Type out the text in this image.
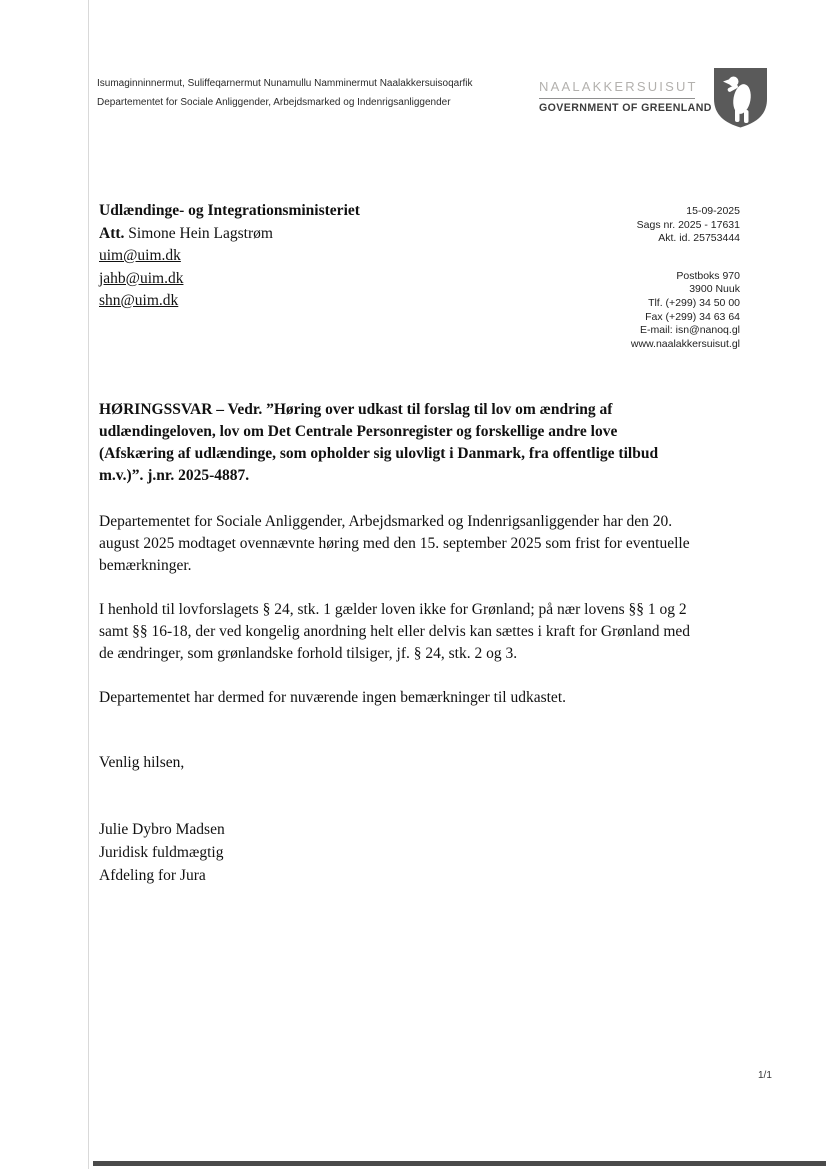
Isumaginninnermut, Suliffeqarnermut Nunamullu Namminermut Naalakkersuisoqarfik
Departementet for Sociale Anliggender, Arbejdsmarked og Indenrigsanliggender
NAALAKKERSUISUT
GOVERNMENT OF GREENLAND
Udlændinge- og Integrationsministeriet
Att. Simone Hein Lagstrøm
uim@uim.dk
jahb@uim.dk
shn@uim.dk
15-09-2025
Sags nr. 2025 - 17631
Akt. id. 25753444
Postboks 970
3900 Nuuk
Tlf. (+299) 34 50 00
Fax (+299) 34 63 64
E-mail: isn@nanoq.gl
www.naalakkersuisut.gl
HØRINGSSVAR – Vedr. ”Høring over udkast til forslag til lov om ændring af udlændingeloven, lov om Det Centrale Personregister og forskellige andre love (Afskæring af udlændinge, som opholder sig ulovligt i Danmark, fra offentlige tilbud m.v.)”. j.nr. 2025-4887.

Departementet for Sociale Anliggender, Arbejdsmarked og Indenrigsanliggender har den 20. august 2025 modtaget ovennævnte høring med den 15. september 2025 som frist for eventuelle bemærkninger.

I henhold til lovforslagets § 24, stk. 1 gælder loven ikke for Grønland; på nær lovens §§ 1 og 2 samt §§ 16-18, der ved kongelig anordning helt eller delvis kan sættes i kraft for Grønland med de ændringer, som grønlandske forhold tilsiger, jf. § 24, stk. 2 og 3.

Departementet har dermed for nuværende ingen bemærkninger til udkastet.

Venlig hilsen,
Julie Dybro Madsen
Juridisk fuldmægtig
Afdeling for Jura
1/1
